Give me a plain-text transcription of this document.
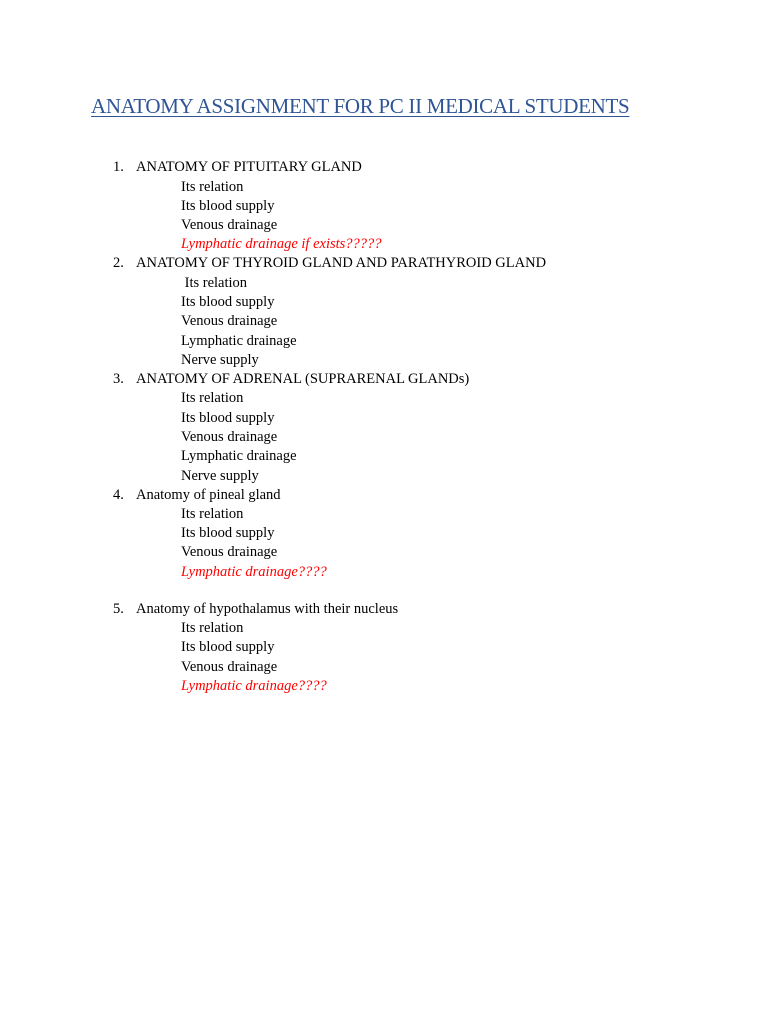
ANATOMY ASSIGNMENT FOR PC II MEDICAL STUDENTS
1. ANATOMY OF PITUITARY GLAND
Its relation
Its blood supply
Venous drainage
Lymphatic drainage if exists?????
2. ANATOMY OF THYROID GLAND AND PARATHYROID GLAND
Its relation
Its blood supply
Venous drainage
Lymphatic drainage
Nerve supply
3. ANATOMY OF ADRENAL (SUPRARENAL GLANDs)
Its relation
Its blood supply
Venous drainage
Lymphatic drainage
Nerve supply
4. Anatomy of pineal gland
Its relation
Its blood supply
Venous drainage
Lymphatic drainage????
5. Anatomy of hypothalamus with their nucleus
Its relation
Its blood supply
Venous drainage
Lymphatic drainage????
